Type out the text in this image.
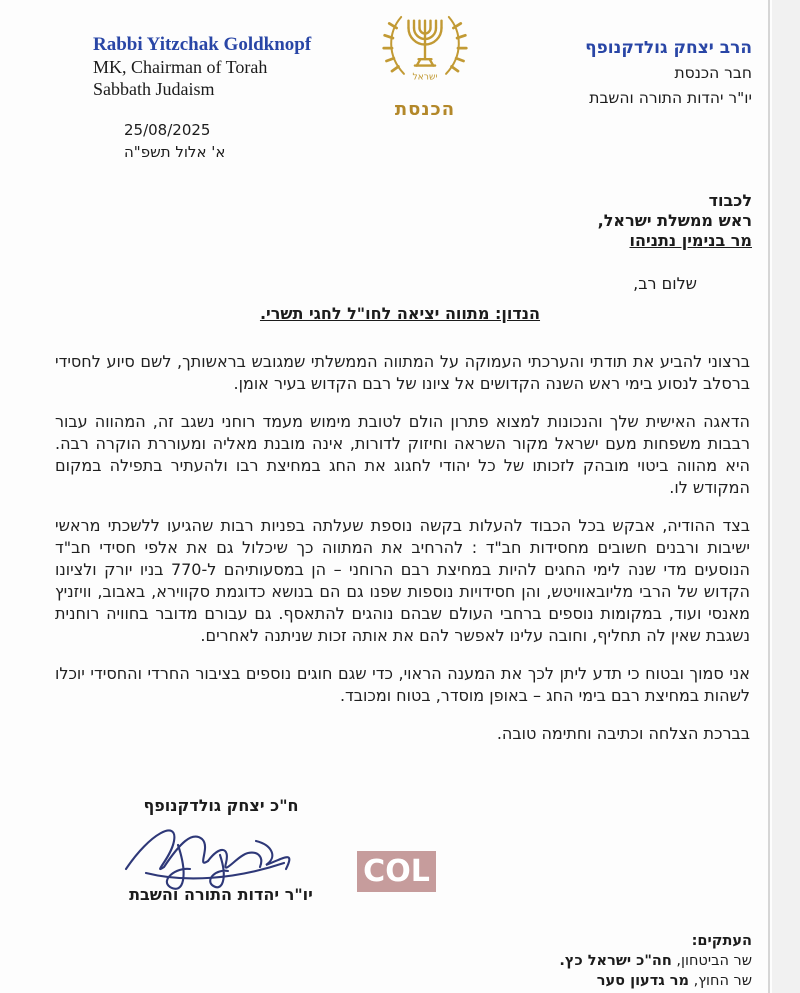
Rabbi Yitzchak Goldknopf
MK, Chairman of Torah
Sabbath Judaism
ישראל
הכנסת
הרב יצחק גולדקנופף
חבר הכנסת
יו"ר יהדות התורה והשבת
25/08/2025
א' אלול תשפ"ה
לכבוד
ראש ממשלת ישראל,
מר בנימין נתניהו
שלום רב,
הנדון: מתווה יציאה לחו"ל לחגי תשרי.

ברצוני להביע את תודתי והערכתי העמוקה על המתווה הממשלתי שמגובש בראשותך, לשם סיוע לחסידי ברסלב לנסוע בימי ראש השנה הקדושים אל ציונו של רבם הקדוש בעיר אומן.

הדאגה האישית שלך והנכונות למצוא פתרון הולם לטובת מימוש מעמד רוחני נשגב זה, המהווה עבור רבבות משפחות מעם ישראל מקור השראה וחיזוק לדורות, אינה מובנת מאליה ומעוררת הוקרה רבה. היא מהווה ביטוי מובהק לזכותו של כל יהודי לחגוג את החג במחיצת רבו ולהעתיר בתפילה במקום המקודש לו.

בצד ההודיה, אבקש בכל הכבוד להעלות בקשה נוספת שעלתה בפניות רבות שהגיעו ללשכתי מראשי ישיבות ורבנים חשובים מחסידות חב"ד : להרחיב את המתווה כך שיכלול גם את אלפי חסידי חב"ד הנוסעים מדי שנה לימי החגים להיות במחיצת רבם הרוחני – הן במסעותיהם ל-770 בניו יורק ולציונו הקדוש של הרבי מליובאוויטש, והן חסידויות נוספות שפנו גם הם בנושא כדוגמת סקווירא, באבוב, וויזניץ מאנסי ועוד, במקומות נוספים ברחבי העולם שבהם נוהגים להתאסף. גם עבורם מדובר בחוויה רוחנית נשגבת שאין לה תחליף, וחובה עלינו לאפשר להם את אותה זכות שניתנה לאחרים.

אני סמוך ובטוח כי תדע ליתן לכך את המענה הראוי, כדי שגם חוגים נוספים בציבור החרדי והחסידי יוכלו לשהות במחיצת רבם בימי החג – באופן מוסדר, בטוח ומכובד.

בברכת הצלחה וכתיבה וחתימה טובה.
ח"כ יצחק גולדקנופף
יו"ר יהדות התורה והשבת
COL
העתקים:
שר הביטחון, חה"כ ישראל כץ.
שר החוץ, מר גדעון סער
